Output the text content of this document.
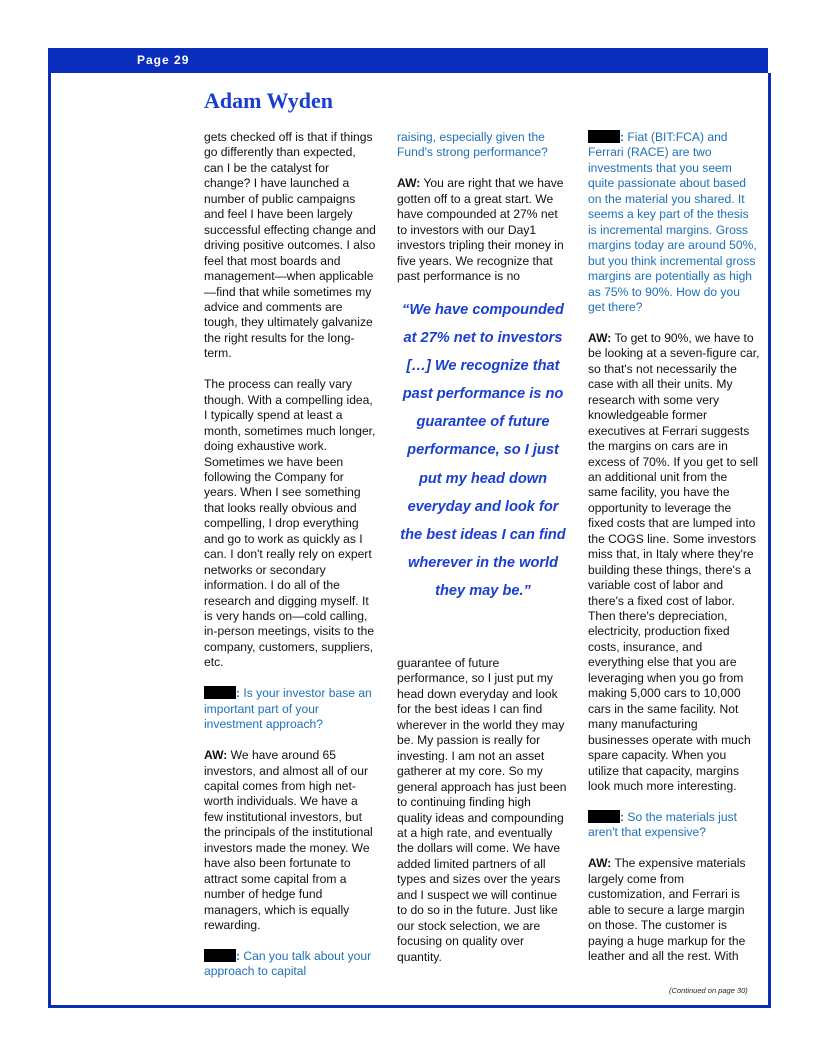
Page 29
Adam Wyden

gets checked off is that if things go differently than expected, can I be the catalyst for change? I have launched a number of public campaigns and feel I have been largely successful effecting change and driving positive outcomes. I also feel that most boards and management—when applicable—find that while sometimes my advice and comments are tough, they ultimately galvanize the right results for the long-term.

The process can really vary though. With a compelling idea, I typically spend at least a month, sometimes much longer, doing exhaustive work. Sometimes we have been following the Company for years. When I see something that looks really obvious and compelling, I drop everything and go to work as quickly as I can. I don't really rely on expert networks or secondary information. I do all of the research and digging myself. It is very hands on—cold calling, in-person meetings, visits to the company, customers, suppliers, etc.

: Is your investor base an important part of your investment approach?

AW: We have around 65 investors, and almost all of our capital comes from high net-worth individuals. We have a few institutional investors, but the principals of the institutional investors made the money. We have also been fortunate to attract some capital from a number of hedge fund managers, which is equally rewarding.

: Can you talk about your approach to capital

raising, especially given the Fund's strong performance?

AW: You are right that we have gotten off to a great start. We have compounded at 27% net to investors with our Day1 investors tripling their money in five years. We recognize that past performance is no

“We have compounded at 27% net to investors […] We recognize that past performance is no guarantee of future performance, so I just put my head down everyday and look for the best ideas I can find wherever in the world they may be.”

guarantee of future performance, so I just put my head down everyday and look for the best ideas I can find wherever in the world they may be. My passion is really for investing. I am not an asset gatherer at my core. So my general approach has just been to continuing finding high quality ideas and compounding at a high rate, and eventually the dollars will come. We have added limited partners of all types and sizes over the years and I suspect we will continue to do so in the future. Just like our stock selection, we are focusing on quality over quantity.

: Fiat (BIT:FCA) and Ferrari (RACE) are two investments that you seem quite passionate about based on the material you shared. It seems a key part of the thesis is incremental margins. Gross margins today are around 50%, but you think incremental gross margins are potentially as high as 75% to 90%. How do you get there?

AW: To get to 90%, we have to be looking at a seven-figure car, so that's not necessarily the case with all their units. My research with some very knowledgeable former executives at Ferrari suggests the margins on cars are in excess of 70%. If you get to sell an additional unit from the same facility, you have the opportunity to leverage the fixed costs that are lumped into the COGS line. Some investors miss that, in Italy where they're building these things, there's a variable cost of labor and there's a fixed cost of labor. Then there's depreciation, electricity, production fixed costs, insurance, and everything else that you are leveraging when you go from making 5,000 cars to 10,000 cars in the same facility. Not many manufacturing businesses operate with much spare capacity. When you utilize that capacity, margins look much more interesting.

: So the materials just aren't that expensive?

AW: The expensive materials largely come from customization, and Ferrari is able to secure a large margin on those. The customer is paying a huge markup for the leather and all the rest. With

(Continued on page 30)
